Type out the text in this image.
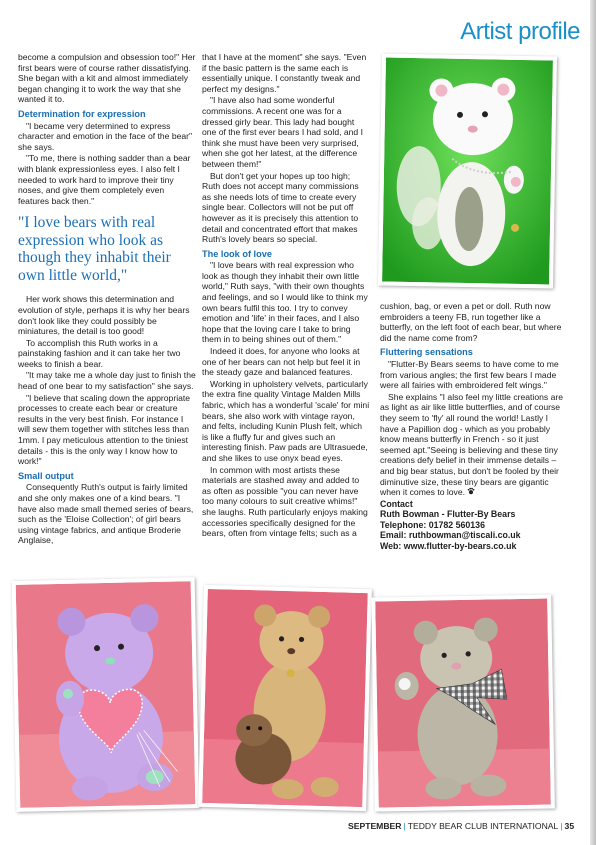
Artist profile

become a compulsion and obsession too!" Her first bears were of course rather dissatisfying. She began with a kit and almost immediately began changing it to work the way that she wanted it to.

Determination for expression

"I became very determined to express character and emotion in the face of the bear" she says.

"To me, there is nothing sadder than a bear with blank expressionless eyes. I also felt I needed to work hard to improve their tiny noses, and give them completely even features back then."

"I love bears with real expression who look as though they inhabit their own little world,"

Her work shows this determination and evolution of style, perhaps it is why her bears don't look like they could possibly be miniatures, the detail is too good!

To accomplish this Ruth works in a painstaking fashion and it can take her two weeks to finish a bear.

"It may take me a whole day just to finish the head of one bear to my satisfaction" she says.

"I believe that scaling down the appropriate processes to create each bear or creature results in the very best finish. For instance I will sew them together with stitches less than 1mm. I pay meticulous attention to the tiniest details - this is the only way I know how to work!"

Small output

Consequently Ruth's output is fairly limited and she only makes one of a kind bears. "I have also made small themed series of bears, such as the 'Eloise Collection'; of girl bears using vintage fabrics, and antique Broderie Anglaise,

that I have at the moment" she says. "Even if the basic pattern is the same each is essentially unique. I constantly tweak and perfect my designs."

"I have also had some wonderful commissions. A recent one was for a dressed girly bear. This lady had bought one of the first ever bears I had sold, and I think she must have been very surprised, when she got her latest, at the difference between them!"

But don't get your hopes up too high; Ruth does not accept many commissions as she needs lots of time to create every single bear. Collectors will not be put off however as it is precisely this attention to detail and concentrated effort that makes Ruth's lovely bears so special.

The look of love

"I love bears with real expression who look as though they inhabit their own little world," Ruth says, "with their own thoughts and feelings, and so I would like to think my own bears fulfil this too. I try to convey emotion and 'life' in their faces, and I also hope that the loving care I take to bring them in to being shines out of them."

Indeed it does, for anyone who looks at one of her bears can not help but feel it in the steady gaze and balanced features.

Working in upholstery velvets, particularly the extra fine quality Vintage Malden Mills fabric, which has a wonderful 'scale' for mini bears, she also work with vintage rayon, and felts, including Kunin Plush felt, which is like a fluffy fur and gives such an interesting finish. Paw pads are Ultrasuede, and she likes to use onyx bead eyes.

In common with most artists these materials are stashed away and added to as often as possible "you can never have too many colours to suit creative whims!" she laughs. Ruth particularly enjoys making accessories specifically designed for the bears, often from vintage felts; such as a

cushion, bag, or even a pet or doll. Ruth now embroiders a teeny FB, run together like a butterfly, on the left foot of each bear, but where did the name come from?

Fluttering sensations

"Flutter-By Bears seems to have come to me from various angles; the first few bears I made were all fairies with embroidered felt wings."

She explains "I also feel my little creations are as light as air like little butterflies, and of course they seem to 'fly' all round the world! Lastly I have a Papillion dog - which as you probably know means butterfly in French - so it just seemed apt."Seeing is believing and these tiny creations defy belief in their immense details – and big bear status, but don't be fooled by their diminutive size, these tiny bears are gigantic when it comes to love.

Contact
Ruth Bowman - Flutter-By Bears
Telephone: 01782 560136
Email: ruthbowman@tiscali.co.uk
Web: www.flutter-by-bears.co.uk
SEPTEMBER | TEDDY BEAR CLUB INTERNATIONAL | 35
